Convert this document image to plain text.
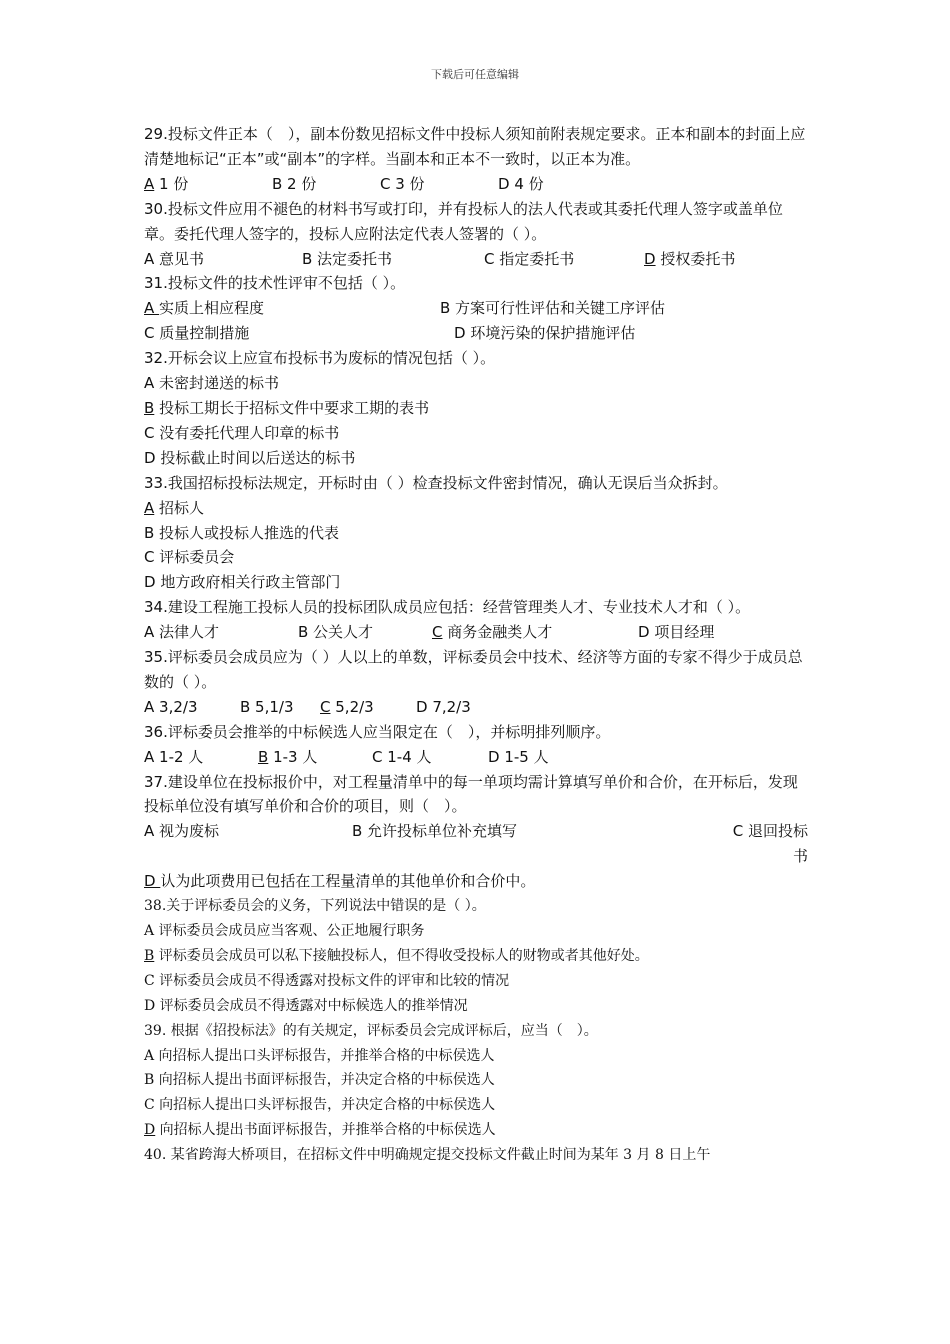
下载后可任意编辑

29.投标文件正本（　），副本份数见招标文件中投标人须知前附表规定要求。正本和副本的封面上应清楚地标记“正本”或“副本”的字样。当副本和正本不一致时，以正本为准。

A 1 份	B 2 份	C 3 份	D 4 份

30.投标文件应用不褪色的材料书写或打印，并有投标人的法人代表或其委托代理人签字或盖单位章。委托代理人签字的，投标人应附法定代表人签署的（ ）。

A 意见书	B 法定委托书	C 指定委托书	D 授权委托书

31.投标文件的技术性评审不包括（ ）。

A 实质上相应程度	B 方案可行性评估和关键工序评估
C 质量控制措施	D 环境污染的保护措施评估

32.开标会议上应宣布投标书为废标的情况包括（ ）。

A 未密封递送的标书

B 投标工期长于招标文件中要求工期的表书

C 没有委托代理人印章的标书

D 投标截止时间以后送达的标书

33.我国招标投标法规定，开标时由（ ）检查投标文件密封情况，确认无误后当众拆封。

A 招标人

B 投标人或投标人推选的代表

C 评标委员会

D 地方政府相关行政主管部门

34.建设工程施工投标人员的投标团队成员应包括：经营管理类人才、专业技术人才和（ ）。

A 法律人才	B 公关人才	C 商务金融类人才	D 项目经理

35.评标委员会成员应为（ ）人以上的单数，评标委员会中技术、经济等方面的专家不得少于成员总数的（ ）。

A 3,2/3	B 5,1/3	C 5,2/3	D 7,2/3

36.评标委员会推举的中标候选人应当限定在（　），并标明排列顺序。

A 1-2 人	B 1-3 人	C 1-4 人	D 1-5 人

37.建设单位在投标报价中，对工程量清单中的每一单项均需计算填写单价和合价，在开标后，发现投标单位没有填写单价和合价的项目，则（　）。

A 视为废标	B 允许投标单位补充填写	C 退回投标书

D 认为此项费用已包括在工程量清单的其他单价和合价中。

38.关于评标委员会的义务，下列说法中错误的是（ ）。

A 评标委员会成员应当客观、公正地履行职务

B 评标委员会成员可以私下接触投标人，但不得收受投标人的财物或者其他好处。

C 评标委员会成员不得透露对投标文件的评审和比较的情况

D 评标委员会成员不得透露对中标候选人的推举情况

39. 根据《招投标法》的有关规定，评标委员会完成评标后，应当（　）。

A 向招标人提出口头评标报告，并推举合格的中标侯选人

B 向招标人提出书面评标报告，并决定合格的中标侯选人

C 向招标人提出口头评标报告，并决定合格的中标侯选人

D 向招标人提出书面评标报告，并推举合格的中标侯选人

40. 某省跨海大桥项目，在招标文件中明确规定提交投标文件截止时间为某年 3 月 8 日上午
